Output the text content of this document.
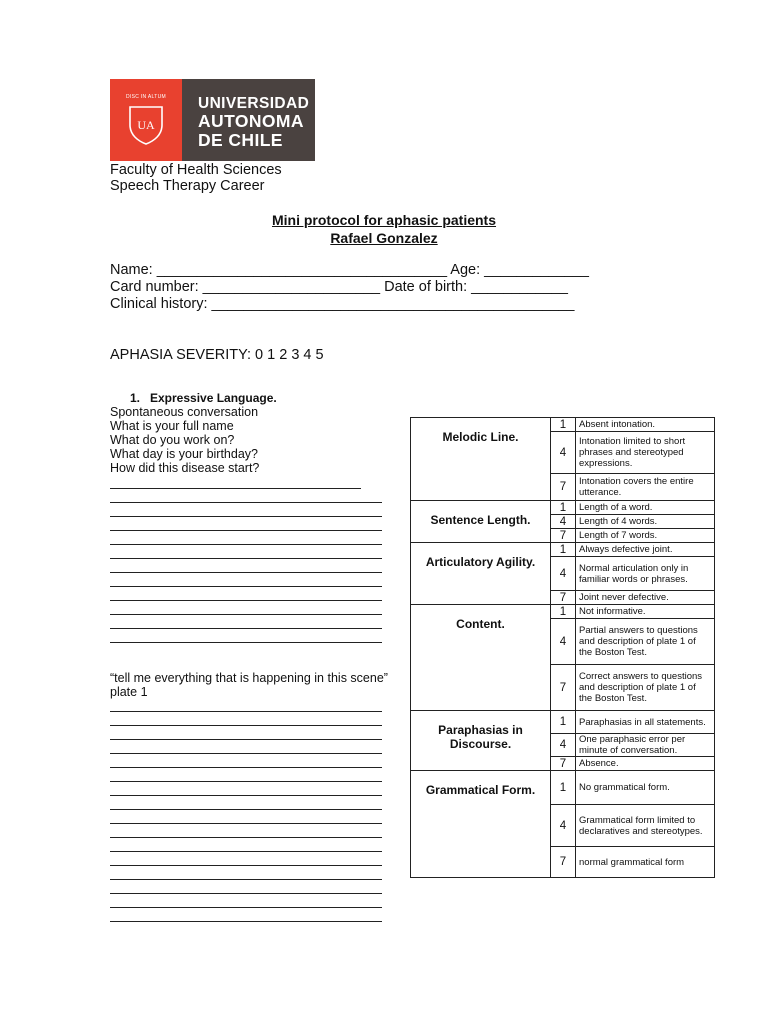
DISC IN ALTUM
UA
UNIVERSIDAD
AUTONOMA
DE CHILE
Faculty of Health Sciences
Speech Therapy Career
Mini protocol for aphasic patients
Rafael Gonzalez
Name: ____________________________________ Age: _____________
Card number: ______________________ Date of birth: ____________
Clinical history: _____________________________________________
APHASIA SEVERITY: 0 1 2 3 4 5
1. Expressive Language.
Spontaneous conversation
What is your full name
What do you work on?
What day is your birthday?
How did this disease start?
“tell me everything that is happening in this scene”
plate 1
Melodic Line.	1	Absent intonation.
	4	Intonation limited to short phrases and stereotyped expressions.
	7	Intonation covers the entire utterance.
Sentence Length.	1	Length of a word.
	4	Length of 4 words.
	7	Length of 7 words.
Articulatory Agility.	1	Always defective joint.
	4	Normal articulation only in familiar words or phrases.
	7	Joint never defective.
Content.	1	Not informative.
	4	Partial answers to questions and description of plate 1 of the Boston Test.
	7	Correct answers to questions and description of plate 1 of the Boston Test.
Paraphasias in Discourse.	1	Paraphasias in all statements.
	4	One paraphasic error per minute of conversation.
	7	Absence.
Grammatical Form.	1	No grammatical form.
	4	Grammatical form limited to declaratives and stereotypes.
	7	normal grammatical form
